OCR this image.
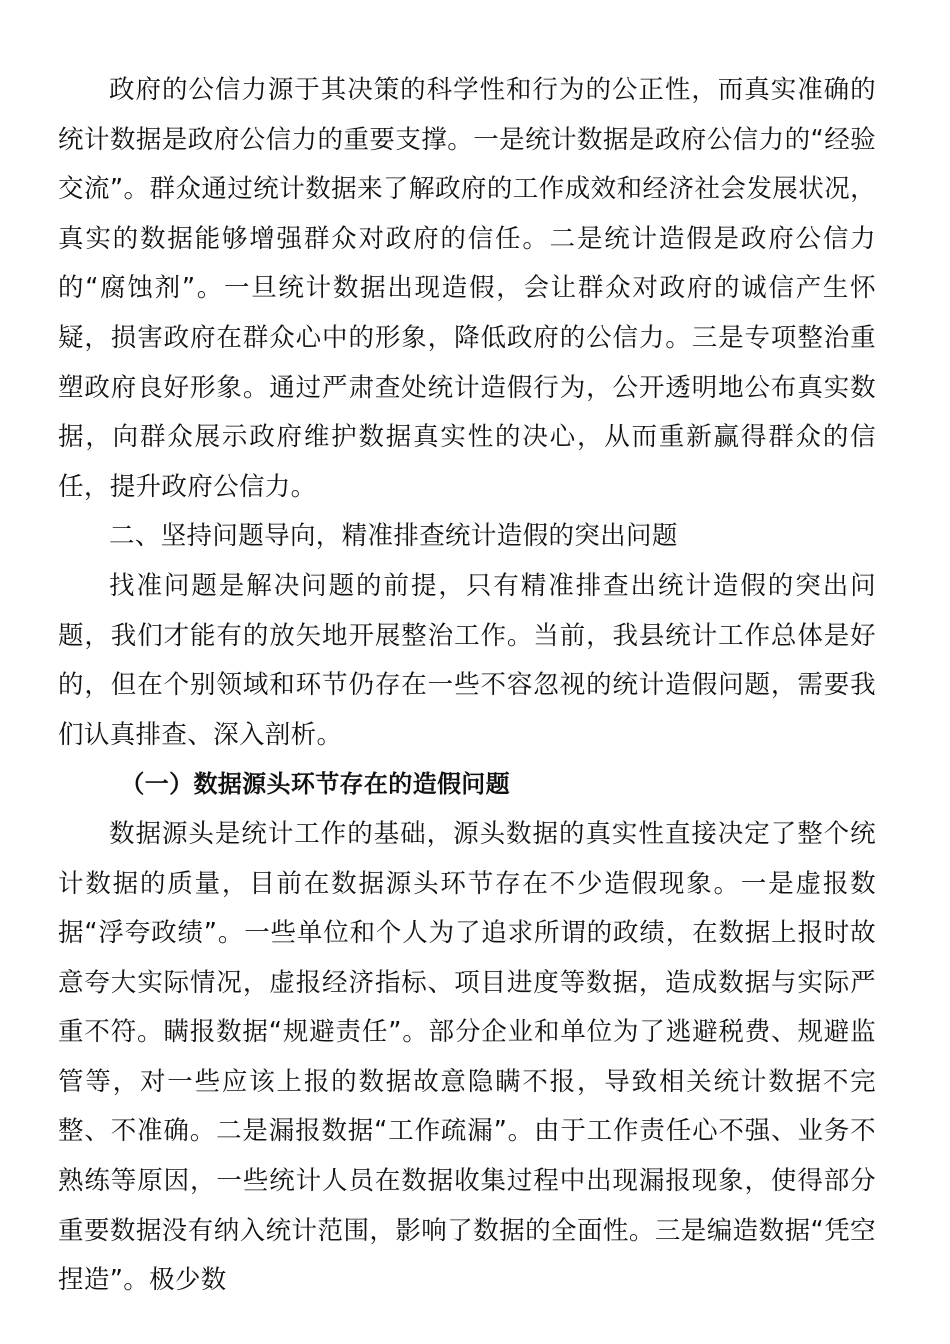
政府的公信力源于其决策的科学性和行为的公正性，而真实准确的统计数据是政府公信力的重要支撑。一是统计数据是政府公信力的“经验交流”。群众通过统计数据来了解政府的工作成效和经济社会发展状况，真实的数据能够增强群众对政府的信任。二是统计造假是政府公信力的“腐蚀剂”。一旦统计数据出现造假，会让群众对政府的诚信产生怀疑，损害政府在群众心中的形象，降低政府的公信力。三是专项整治重塑政府良好形象。通过严肃查处统计造假行为，公开透明地公布真实数据，向群众展示政府维护数据真实性的决心，从而重新赢得群众的信任，提升政府公信力。

二、坚持问题导向，精准排查统计造假的突出问题

找准问题是解决问题的前提，只有精准排查出统计造假的突出问题，我们才能有的放矢地开展整治工作。当前，我县统计工作总体是好的，但在个别领域和环节仍存在一些不容忽视的统计造假问题，需要我们认真排查、深入剖析。

（一）数据源头环节存在的造假问题

数据源头是统计工作的基础，源头数据的真实性直接决定了整个统计数据的质量，目前在数据源头环节存在不少造假现象。一是虚报数据“浮夸政绩”。一些单位和个人为了追求所谓的政绩，在数据上报时故意夸大实际情况，虚报经济指标、项目进度等数据，造成数据与实际严重不符。瞒报数据“规避责任”。部分企业和单位为了逃避税费、规避监管等，对一些应该上报的数据故意隐瞒不报，导致相关统计数据不完整、不准确。二是漏报数据“工作疏漏”。由于工作责任心不强、业务不熟练等原因，一些统计人员在数据收集过程中出现漏报现象，使得部分重要数据没有纳入统计范围，影响了数据的全面性。三是编造数据“凭空捏造”。极少数
